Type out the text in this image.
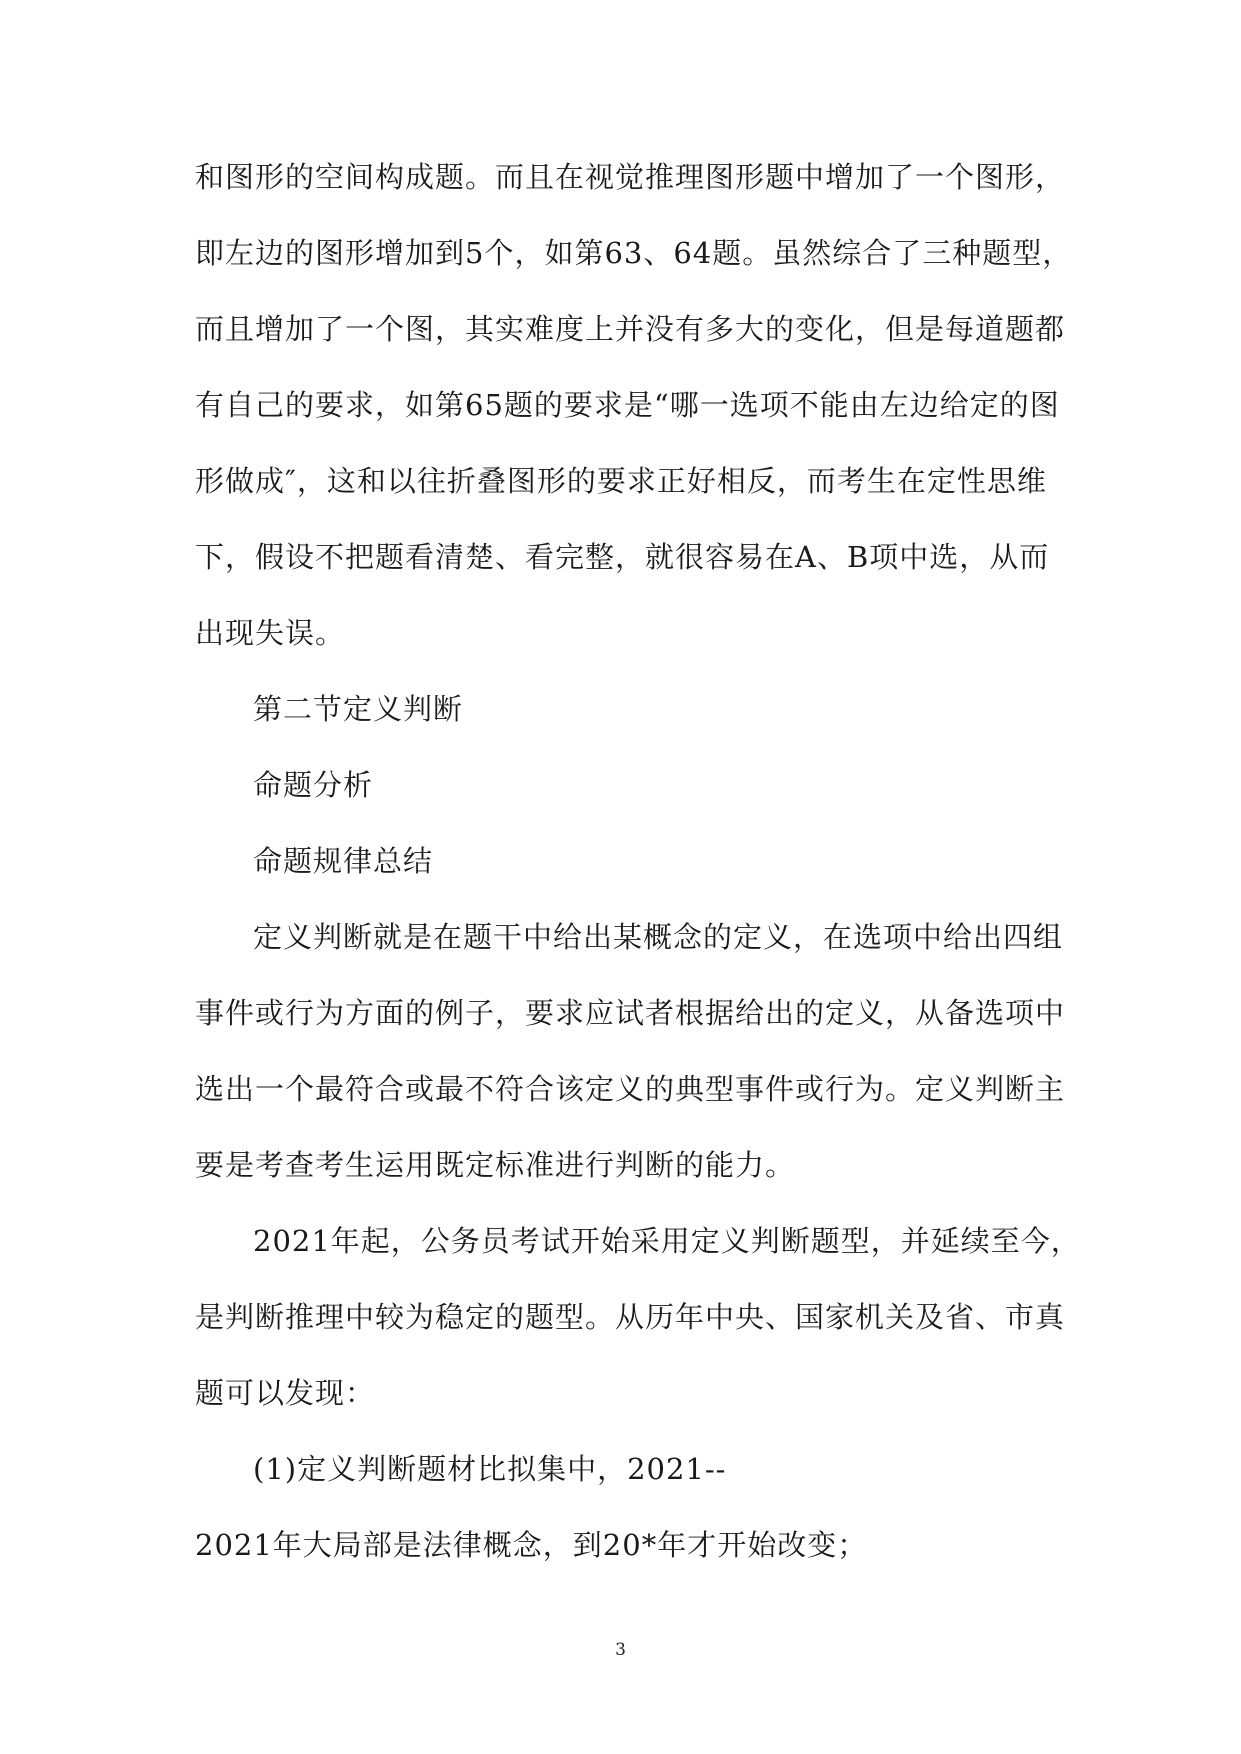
和图形的空间构成题。而且在视觉推理图形题中增加了一个图形，
即左边的图形增加到5个，如第63、64题。虽然综合了三种题型，
而且增加了一个图，其实难度上并没有多大的变化，但是每道题都
有自己的要求，如第65题的要求是“哪一选项不能由左边给定的图
形做成″，这和以往折叠图形的要求正好相反，而考生在定性思维
下，假设不把题看清楚、看完整，就很容易在A、B项中选，从而
出现失误。
第二节定义判断
命题分析
命题规律总结
定义判断就是在题干中给出某概念的定义，在选项中给出四组
事件或行为方面的例子，要求应试者根据给出的定义，从备选项中
选出一个最符合或最不符合该定义的典型事件或行为。定义判断主
要是考查考生运用既定标准进行判断的能力。
2021年起，公务员考试开始采用定义判断题型，并延续至今，
是判断推理中较为稳定的题型。从历年中央、国家机关及省、市真
题可以发现：
(1)定义判断题材比拟集中，2021--
2021年大局部是法律概念，到20*年才开始改变；
3
